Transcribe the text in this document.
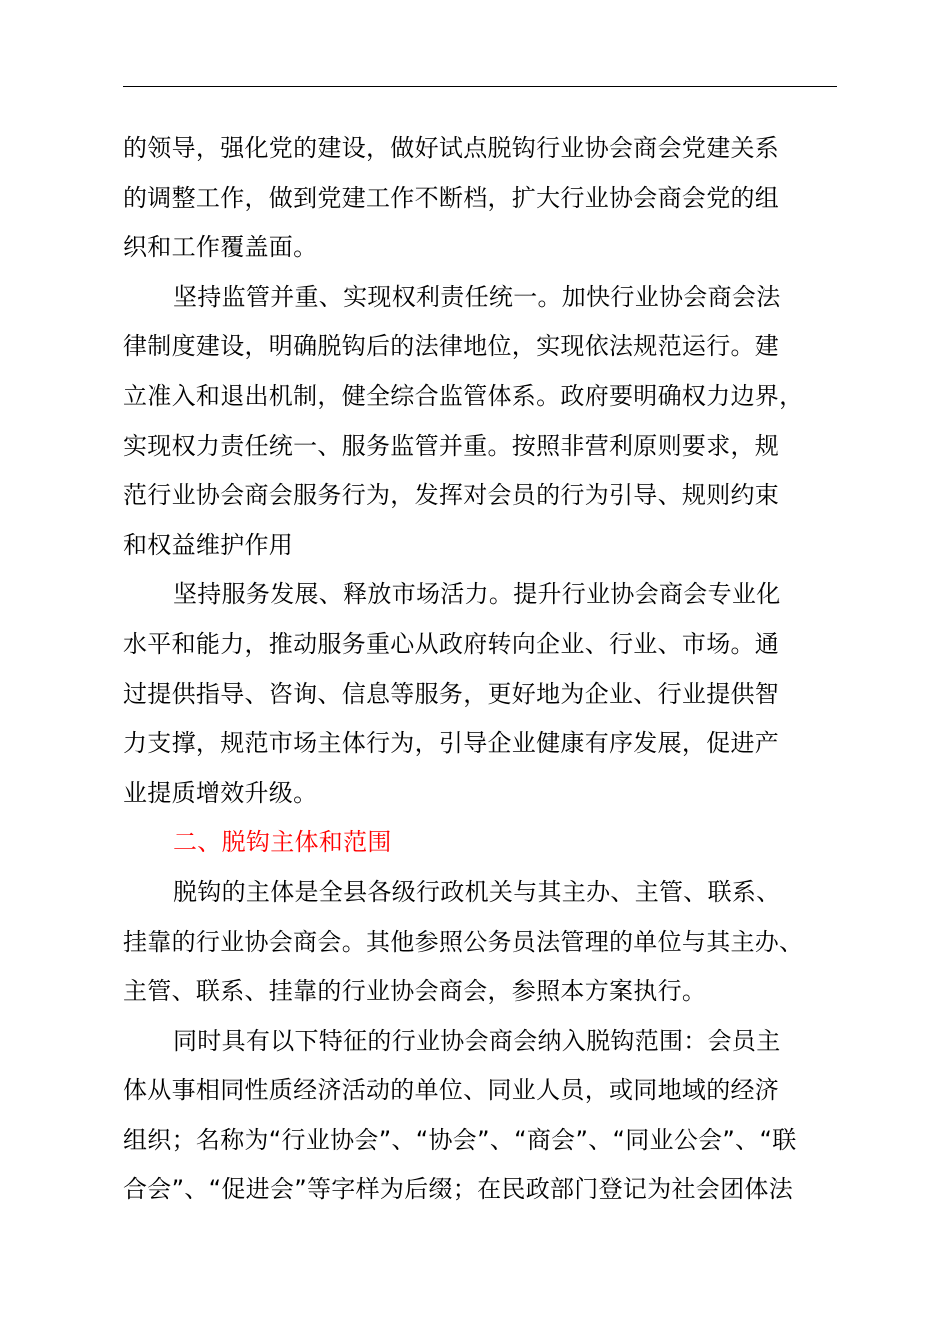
的领导，强化党的建设，做好试点脱钩行业协会商会党建关系
的调整工作，做到党建工作不断档，扩大行业协会商会党的组
织和工作覆盖面。
坚持监管并重、实现权利责任统一。加快行业协会商会法
律制度建设，明确脱钩后的法律地位，实现依法规范运行。建
立准入和退出机制，健全综合监管体系。政府要明确权力边界，
实现权力责任统一、服务监管并重。按照非营利原则要求，规
范行业协会商会服务行为，发挥对会员的行为引导、规则约束
和权益维护作用
坚持服务发展、释放市场活力。提升行业协会商会专业化
水平和能力，推动服务重心从政府转向企业、行业、市场。通
过提供指导、咨询、信息等服务，更好地为企业、行业提供智
力支撑，规范市场主体行为，引导企业健康有序发展，促进产
业提质增效升级。
二、脱钩主体和范围
脱钩的主体是全县各级行政机关与其主办、主管、联系、
挂靠的行业协会商会。其他参照公务员法管理的单位与其主办、
主管、联系、挂靠的行业协会商会，参照本方案执行。
同时具有以下特征的行业协会商会纳入脱钩范围：会员主
体从事相同性质经济活动的单位、同业人员，或同地域的经济
组织；名称为“行业协会”、“协会”、“商会”、“同业公会”、“联
合会”、“促进会”等字样为后缀；在民政部门登记为社会团体法
